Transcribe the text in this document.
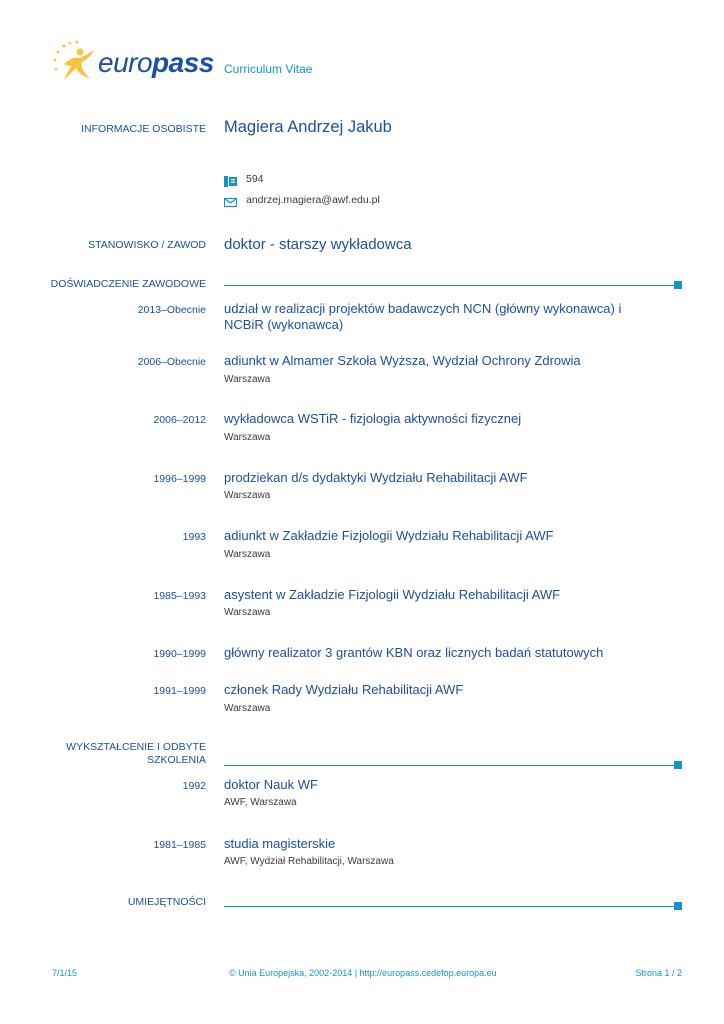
europass Curriculum Vitae
INFORMACJE OSOBISTE Magiera Andrzej Jakub
594
andrzej.magiera@awf.edu.pl
STANOWISKO / ZAWOD doktor - starszy wykładowca
DOŚWIADCZENIE ZAWODOWE
2013–Obecnie udział w realizacji projektów badawczych NCN (główny wykonawca) i NCBiR (wykonawca)
2006–Obecnie adiunkt w Almamer Szkoła Wyższa, Wydział Ochrony Zdrowia
Warszawa
2006–2012 wykładowca WSTiR - fizjologia aktywności fizycznej
Warszawa
1996–1999 prodziekan d/s dydaktyki Wydziału Rehabilitacji AWF
Warszawa
1993 adiunkt w Zakładzie Fizjologii Wydziału Rehabilitacji AWF
Warszawa
1985–1993 asystent w Zakładzie Fizjologii Wydziału Rehabilitacji AWF
Warszawa
1990–1999 główny realizator 3 grantów KBN oraz licznych badań statutowych
1991–1999 członek Rady Wydziału Rehabilitacji AWF
Warszawa
WYKSZTAŁCENIE I ODBYTE
SZKOLENIA
1992 doktor Nauk WF
AWF, Warszawa
1981–1985 studia magisterskie
AWF, Wydział Rehabilitacji, Warszawa
UMIEJĘTNOŚCI
7/1/15	© Unia Europejska, 2002-2014 | http://europass.cedefop.europa.eu	Strona 1 / 2
